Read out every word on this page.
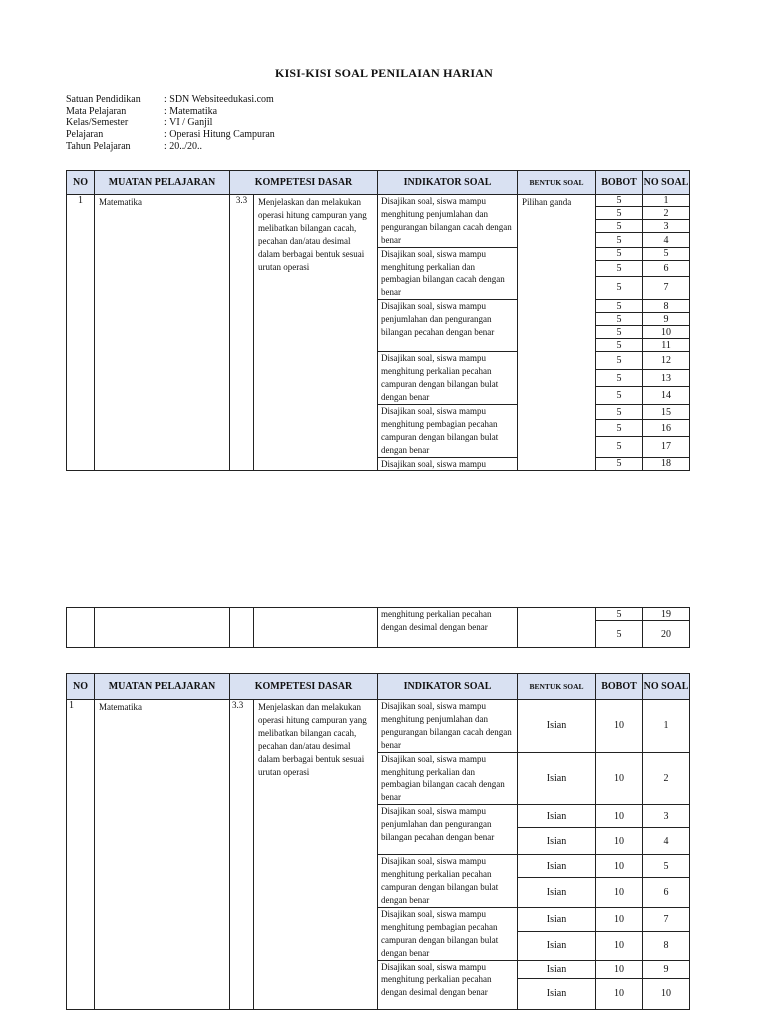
KISI-KISI SOAL PENILAIAN HARIAN
Satuan Pendidikan	: SDN Websiteedukasi.com
Mata Pelajaran	: Matematika
Kelas/Semester	: VI / Ganjil
Pelajaran	: Operasi Hitung Campuran
Tahun Pelajaran	: 20../20..
NO	MUATAN PELAJARAN	KOMPETESI DASAR		INDIKATOR SOAL	BENTUK SOAL	BOBOT	NO SOAL
1	Matematika	3.3	Menjelaskan dan melakukan operasi hitung campuran yang melibatkan bilangan cacah, pecahan dan/atau desimal dalam berbagai bentuk sesuai urutan operasi	Disajikan soal, siswa mampu menghitung penjumlahan dan pengurangan bilangan cacah dengan benar	Pilihan ganda	5	1
						5	2
						5	3
						5	4
				Disajikan soal, siswa mampu menghitung perkalian dan pembagian bilangan cacah dengan benar		5	5
						5	6
						5	7
				Disajikan soal, siswa mampu penjumlahan dan pengurangan bilangan pecahan dengan benar		5	8
						5	9
						5	10
						5	11
				Disajikan soal, siswa mampu menghitung perkalian pecahan campuran dengan bilangan bulat dengan benar		5	12
						5	13
						5	14
				Disajikan soal, siswa mampu menghitung pembagian pecahan campuran dengan bilangan bulat dengan benar		5	15
						5	16
						5	17
				Disajikan soal, siswa mampu		5	18
				menghitung perkalian pecahan dengan desimal dengan benar		5	19
						5	20
NO	MUATAN PELAJARAN	KOMPETESI DASAR		INDIKATOR SOAL	BENTUK SOAL	BOBOT	NO SOAL
1	Matematika	3.3	Menjelaskan dan melakukan operasi hitung campuran yang melibatkan bilangan cacah, pecahan dan/atau desimal dalam berbagai bentuk sesuai urutan operasi	Disajikan soal, siswa mampu menghitung penjumlahan dan pengurangan bilangan cacah dengan benar	Isian	10	1
				Disajikan soal, siswa mampu menghitung perkalian dan pembagian bilangan cacah dengan benar	Isian	10	2
				Disajikan soal, siswa mampu penjumlahan dan pengurangan bilangan pecahan dengan benar	Isian	10	3
					Isian	10	4
				Disajikan soal, siswa mampu menghitung perkalian pecahan campuran dengan bilangan bulat dengan benar	Isian	10	5
					Isian	10	6
				Disajikan soal, siswa mampu menghitung pembagian pecahan campuran dengan bilangan bulat dengan benar	Isian	10	7
					Isian	10	8
				Disajikan soal, siswa mampu menghitung perkalian pecahan dengan desimal dengan benar	Isian	10	9
					Isian	10	10
